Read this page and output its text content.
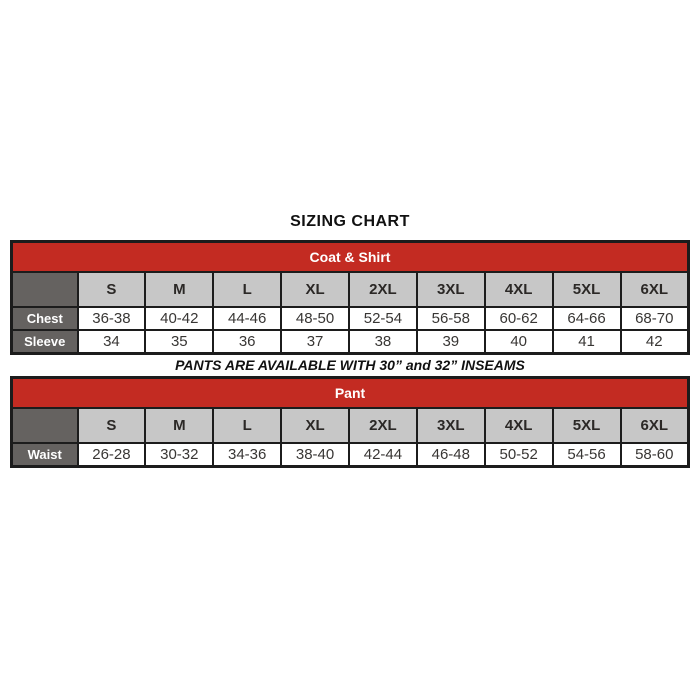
SIZING CHART
Coat & Shirt									
	S	M	L	XL	2XL	3XL	4XL	5XL	6XL
Chest	36-38	40-42	44-46	48-50	52-54	56-58	60-62	64-66	68-70
Sleeve	34	35	36	37	38	39	40	41	42
PANTS ARE AVAILABLE WITH 30” and 32” INSEAMS
Pant									
	S	M	L	XL	2XL	3XL	4XL	5XL	6XL
Waist	26-28	30-32	34-36	38-40	42-44	46-48	50-52	54-56	58-60
